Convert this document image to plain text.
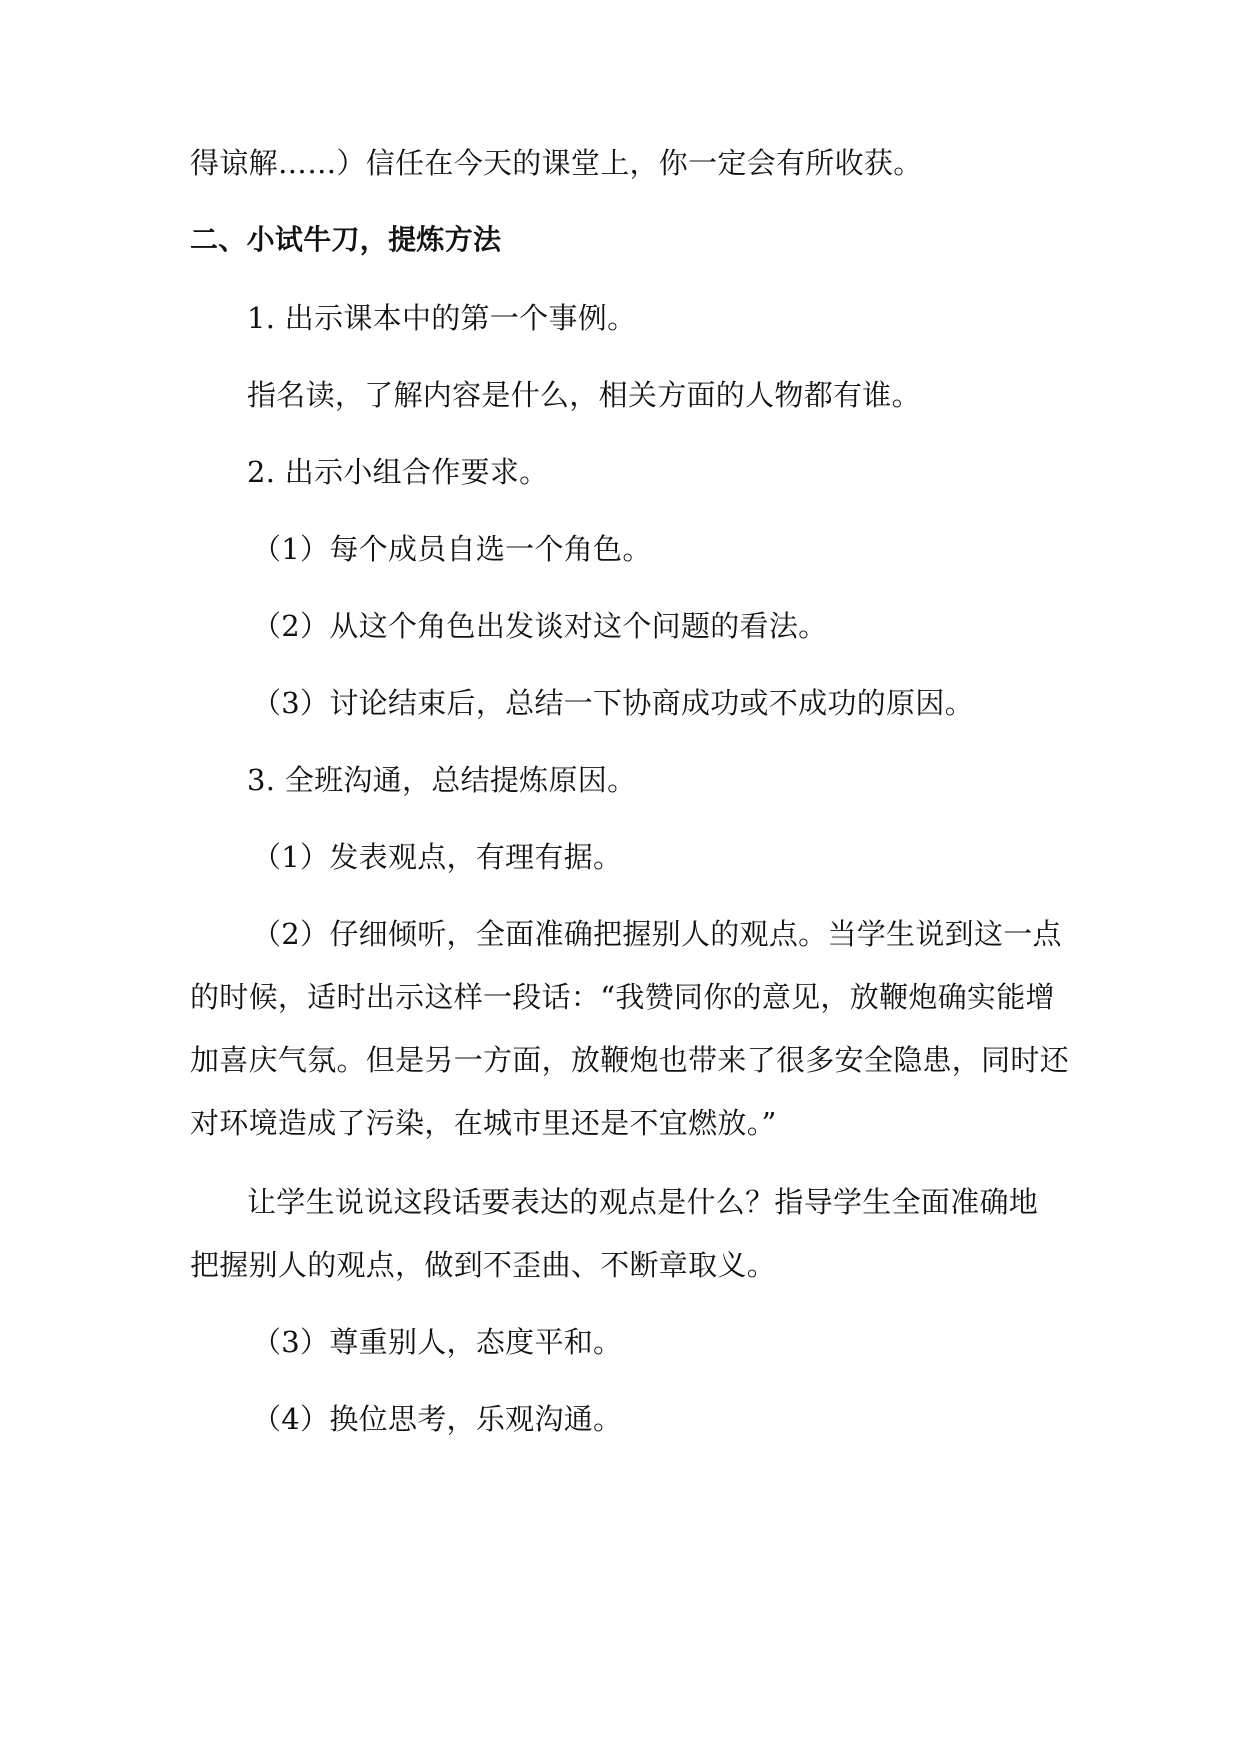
得谅解……）信任在今天的课堂上，你一定会有所收获。
二、小试牛刀，提炼方法
1. 出示课本中的第一个事例。
指名读，了解内容是什么，相关方面的人物都有谁。
2. 出示小组合作要求。
（1）每个成员自选一个角色。
（2）从这个角色出发谈对这个问题的看法。
（3）讨论结束后，总结一下协商成功或不成功的原因。
3. 全班沟通，总结提炼原因。
（1）发表观点，有理有据。
（2）仔细倾听，全面准确把握别人的观点。当学生说到这一点
的时候，适时出示这样一段话：“我赞同你的意见，放鞭炮确实能增
加喜庆气氛。但是另一方面，放鞭炮也带来了很多安全隐患，同时还
对环境造成了污染，在城市里还是不宜燃放。”
让学生说说这段话要表达的观点是什么？指导学生全面准确地
把握别人的观点，做到不歪曲、不断章取义。
（3）尊重别人，态度平和。
（4）换位思考，乐观沟通。
